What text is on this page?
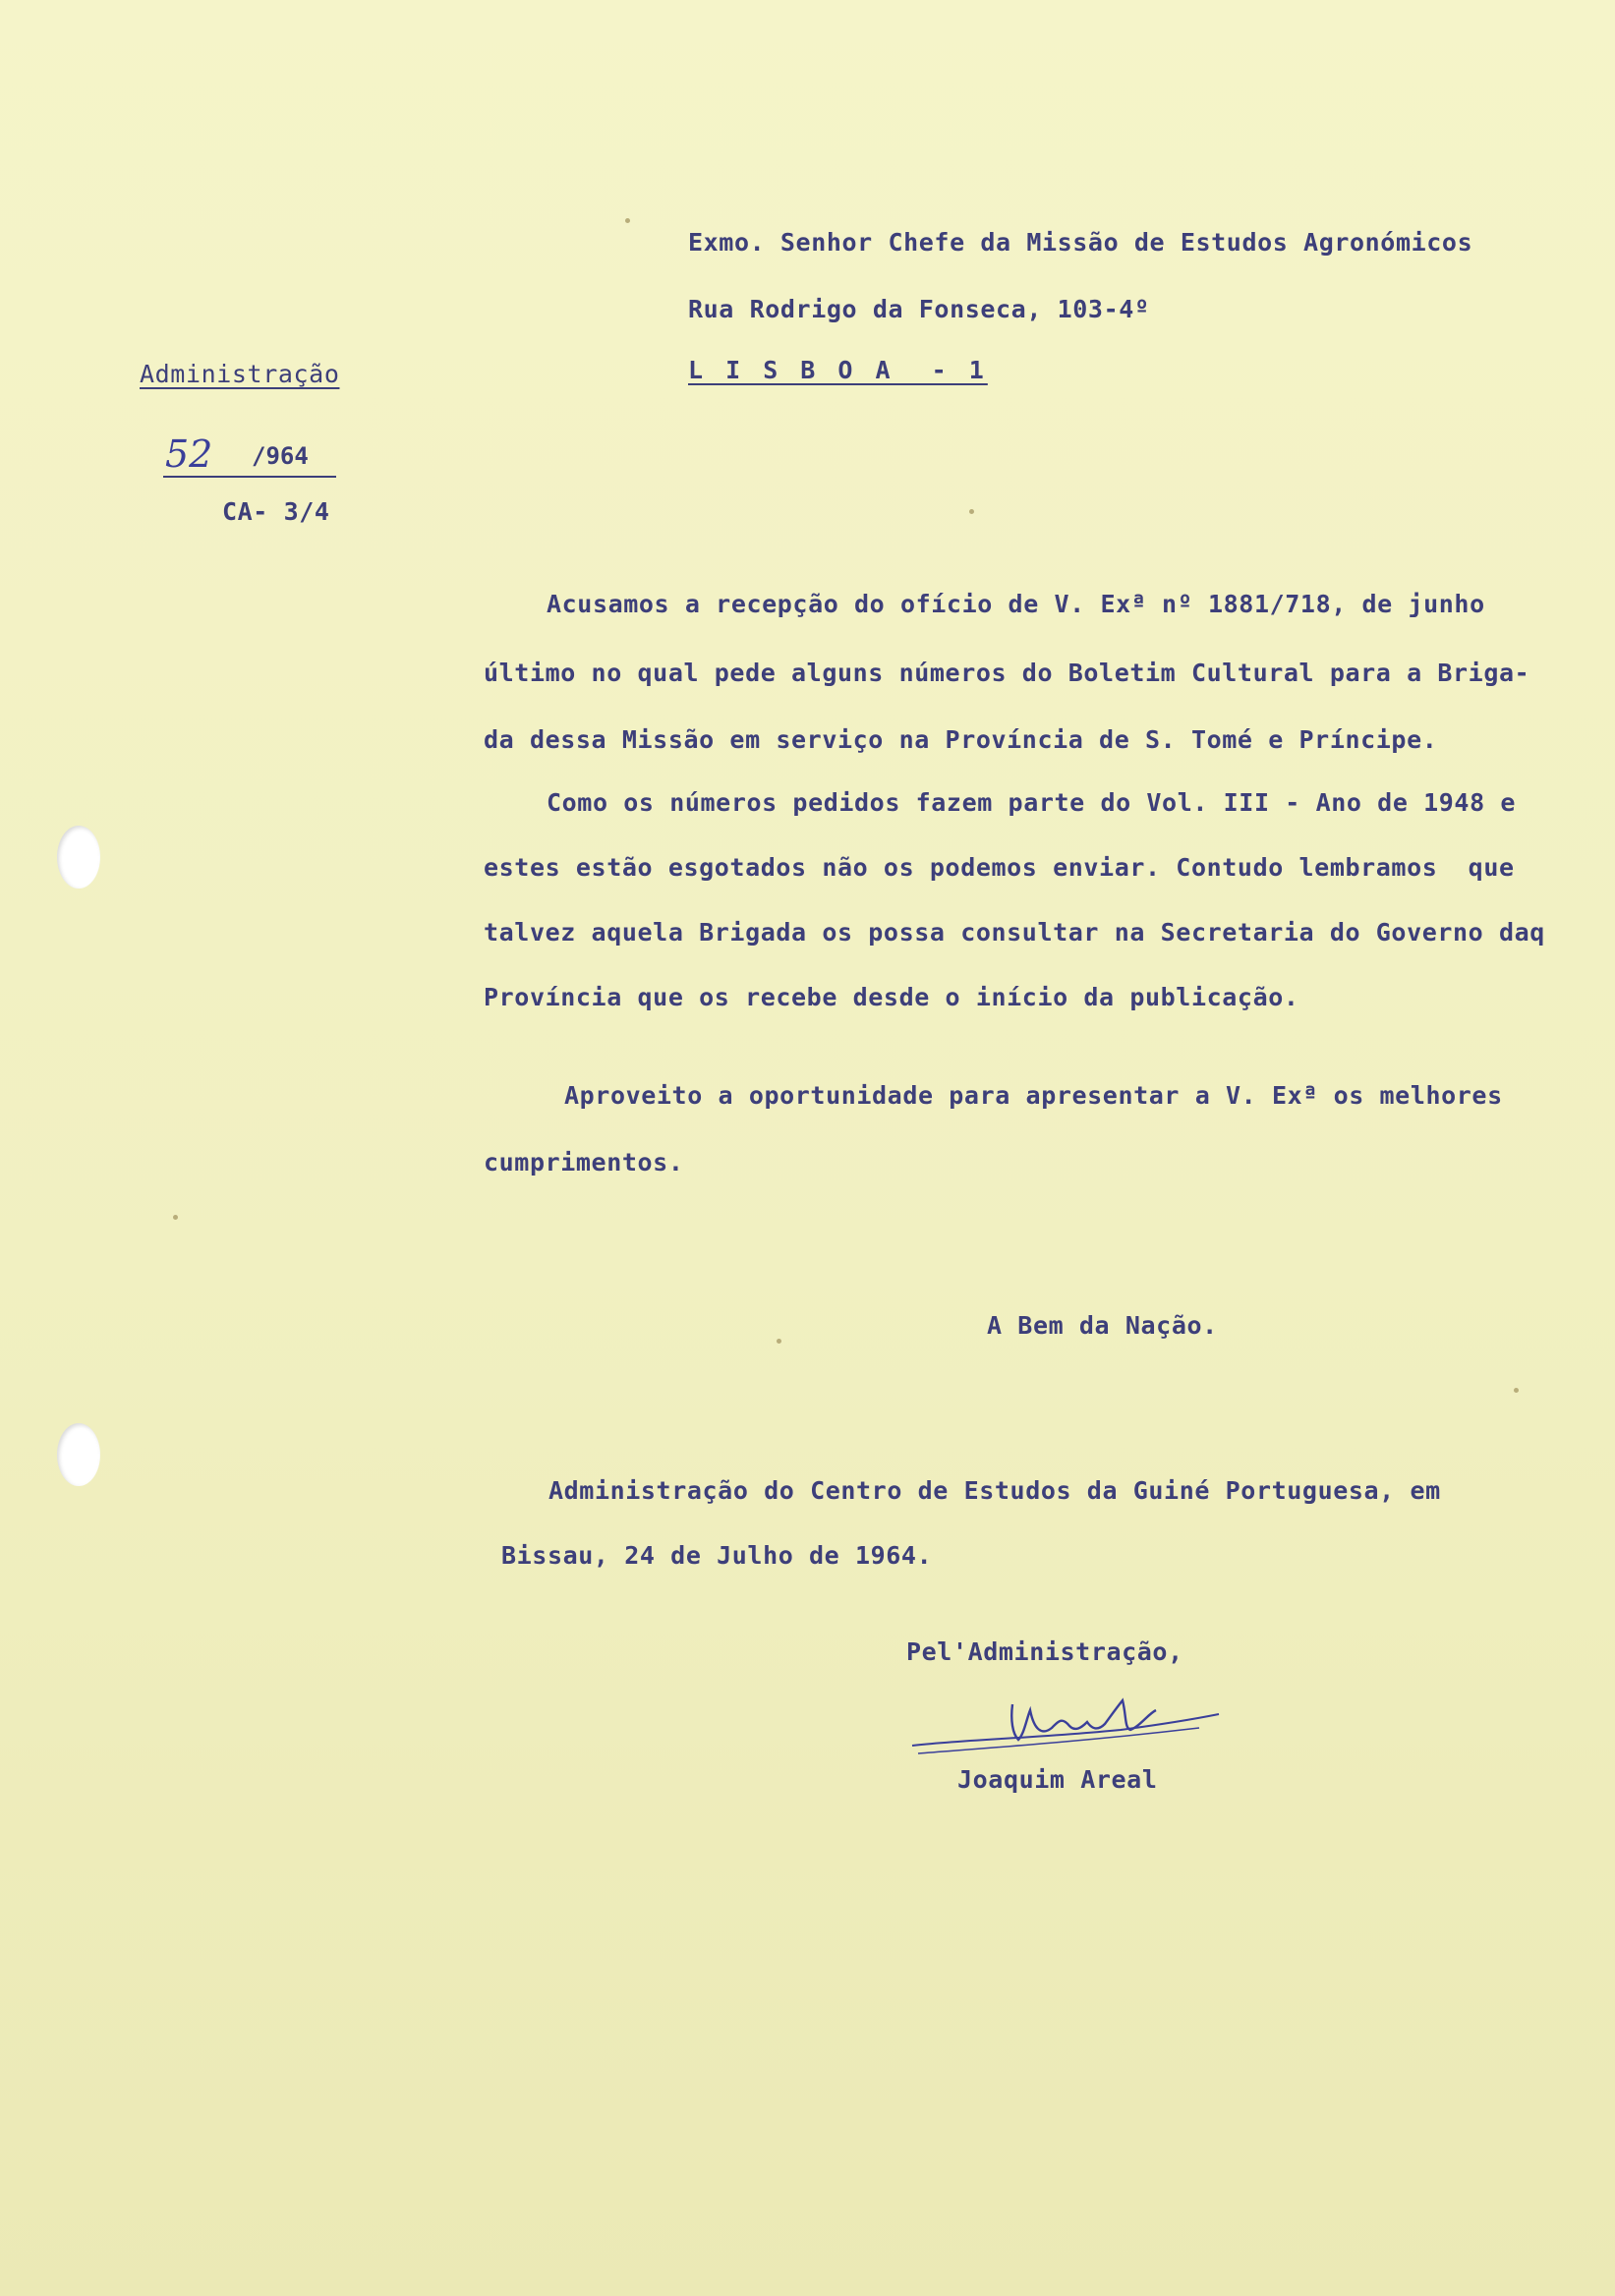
Exmo. Senhor Chefe da Missão de Estudos Agronómicos
Rua Rodrigo da Fonseca, 103-4º
L I S B O A  - 1
Administração
52 /964
CA- 3/4
Acusamos a recepção do ofício de V. Exª nº 1881/718, de junho
último no qual pede alguns números do Boletim Cultural para a Briga-
da dessa Missão em serviço na Província de S. Tomé e Príncipe.
Como os números pedidos fazem parte do Vol. III - Ano de 1948 e
estes estão esgotados não os podemos enviar. Contudo lembramos  que
talvez aquela Brigada os possa consultar na Secretaria do Governo daq
Província que os recebe desde o início da publicação.
Aproveito a oportunidade para apresentar a V. Exª os melhores
cumprimentos.
A Bem da Nação.
Administração do Centro de Estudos da Guiné Portuguesa, em
Bissau, 24 de Julho de 1964.
Pel'Administração,
Joaquim Areal
